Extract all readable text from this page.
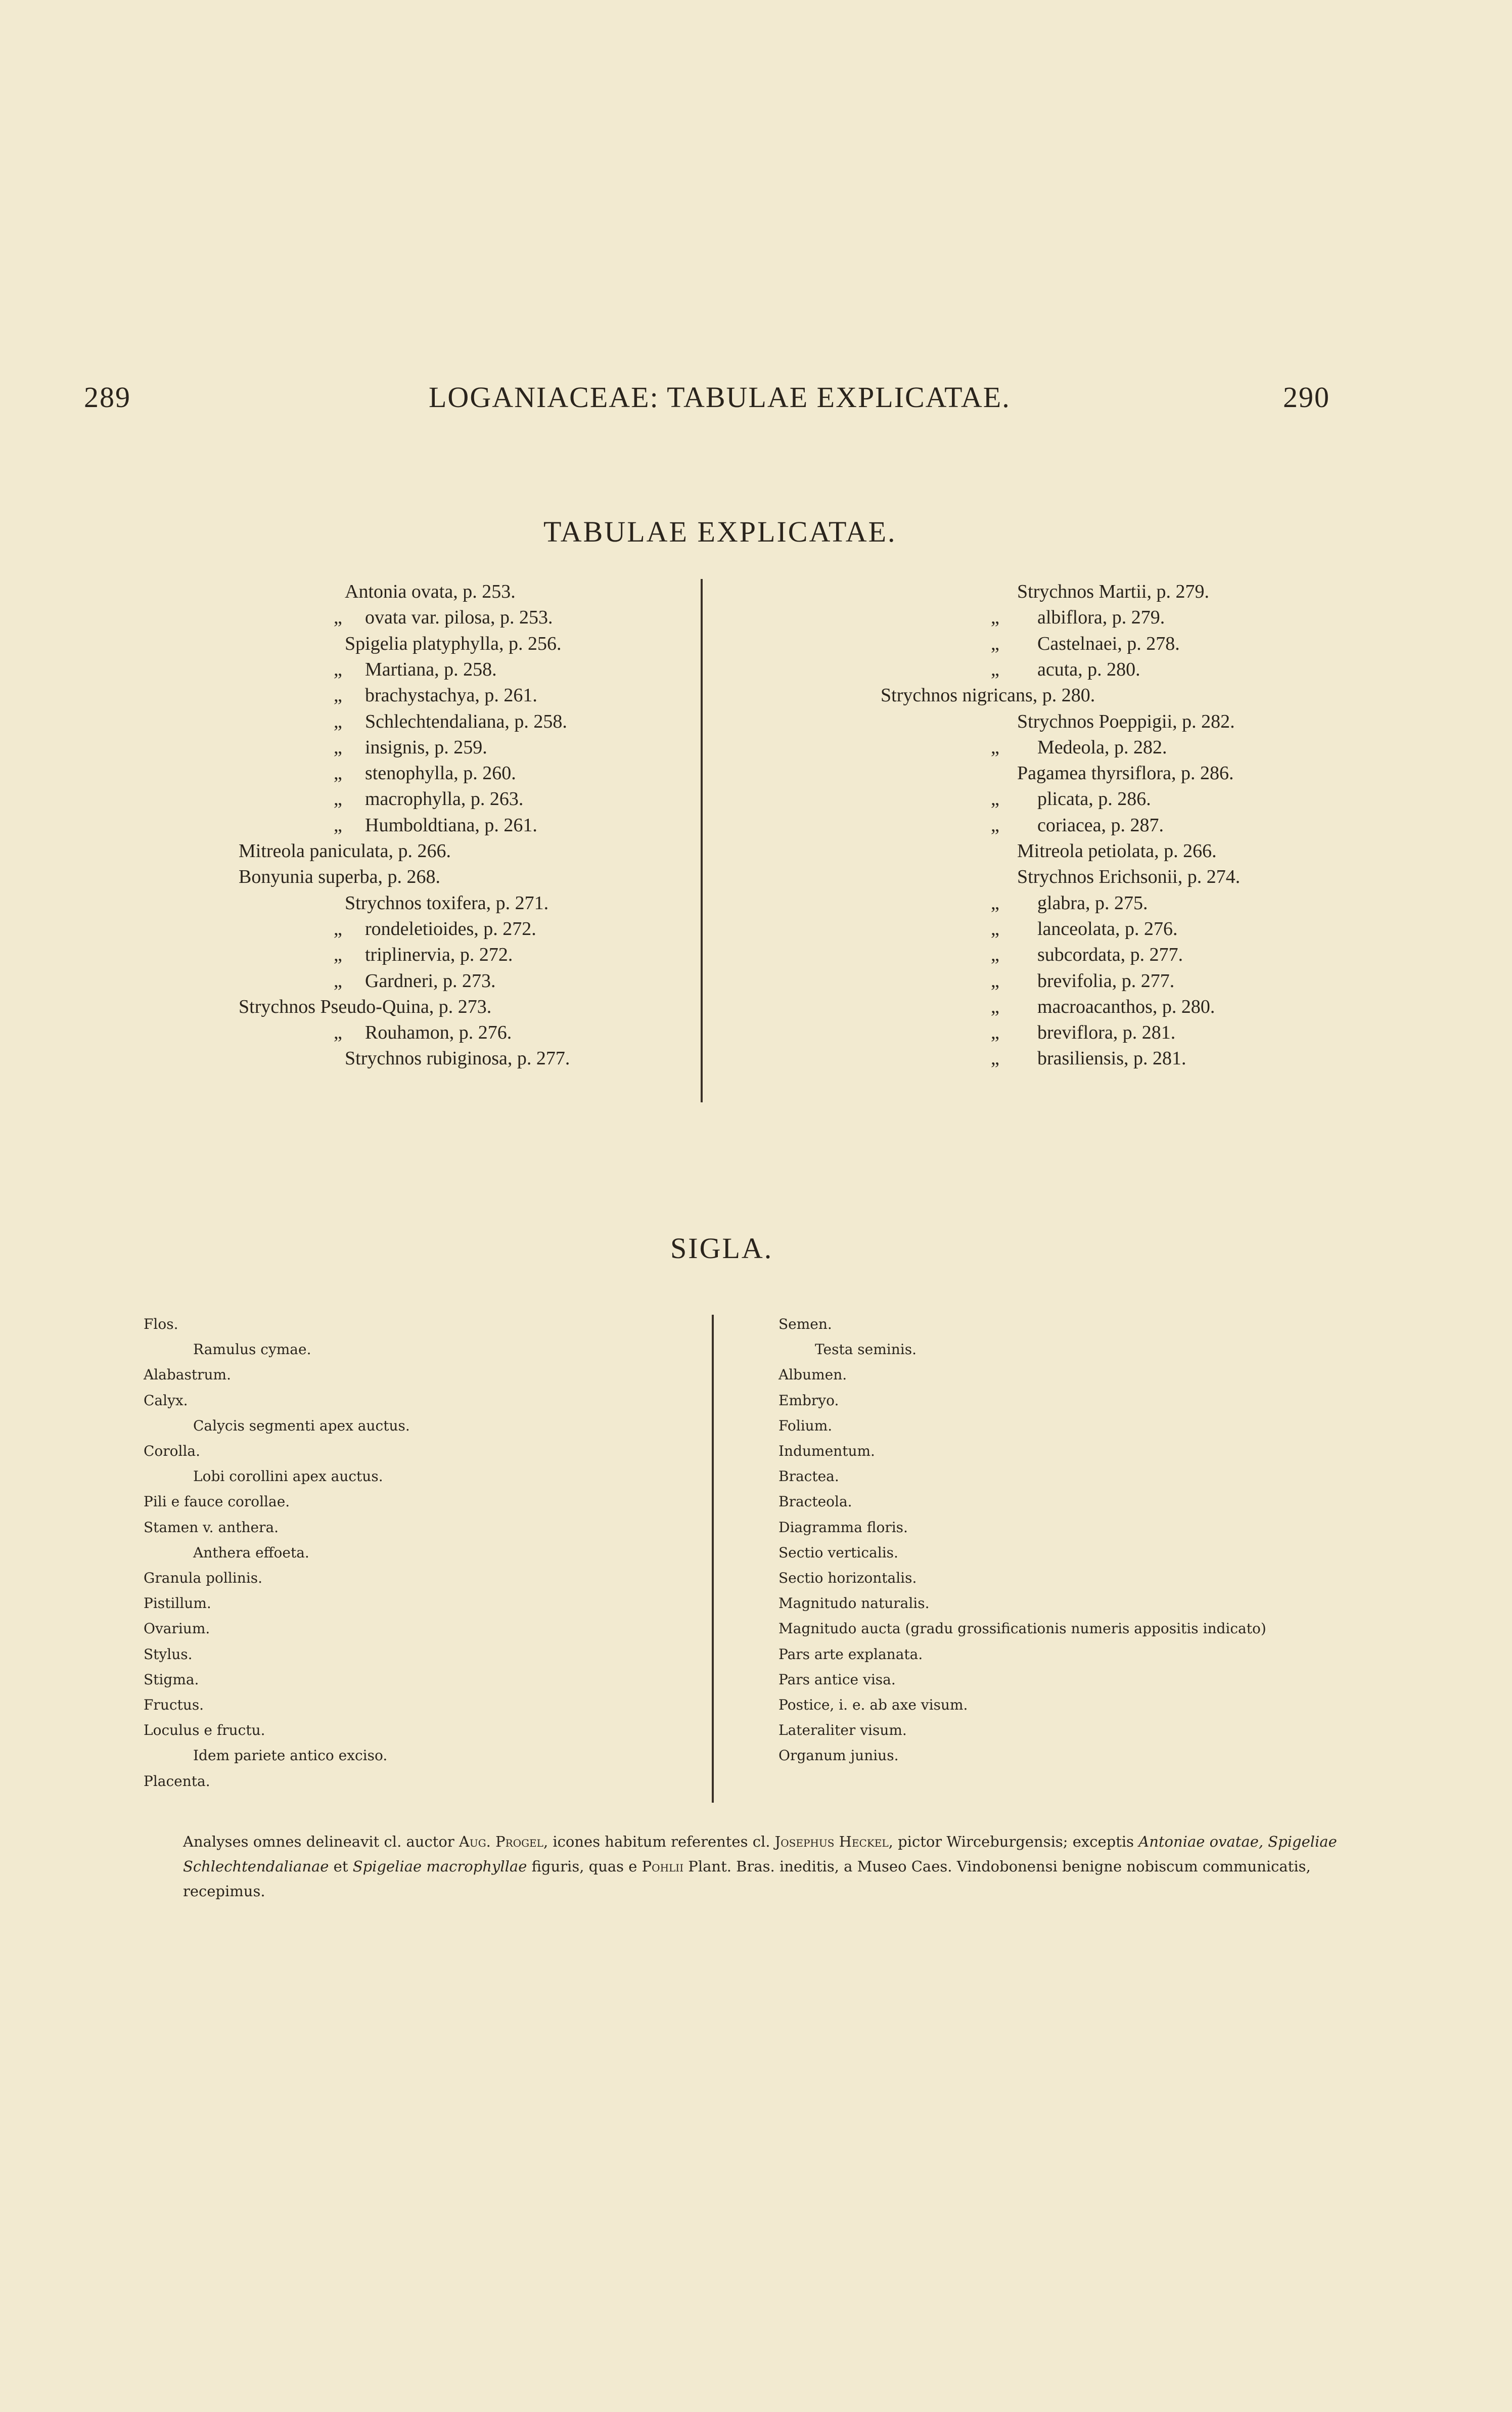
289	LOGANIACEAE: TABULAE EXPLICATAE.	290
TABULAE EXPLICATAE.
Antonia ovata, p. 253.
„ ovata var. pilosa, p. 253.
Spigelia platyphylla, p. 256.
„ Martiana, p. 258.
„ brachystachya, p. 261.
„ Schlechtendaliana, p. 258.
„ insignis, p. 259.
„ stenophylla, p. 260.
„ macrophylla, p. 263.
„ Humboldtiana, p. 261.
Mitreola paniculata, p. 266.
Bonyunia superba, p. 268.
Strychnos toxifera, p. 271.
„ rondeletioides, p. 272.
„ triplinervia, p. 272.
„ Gardneri, p. 273.
Strychnos Pseudo-Quina, p. 273.
„ Rouhamon, p. 276.
Strychnos rubiginosa, p. 277.
Strychnos Martii, p. 279.
„ albiflora, p. 279.
„ Castelnaei, p. 278.
„ acuta, p. 280.
Strychnos nigricans, p. 280.
Strychnos Poeppigii, p. 282.
„ Medeola, p. 282.
Pagamea thyrsiflora, p. 286.
„ plicata, p. 286.
„ coriacea, p. 287.
Mitreola petiolata, p. 266.
Strychnos Erichsonii, p. 274.
„ glabra, p. 275.
„ lanceolata, p. 276.
„ subcordata, p. 277.
„ brevifolia, p. 277.
„ macroacanthos, p. 280.
„ breviflora, p. 281.
„ brasiliensis, p. 281.
SIGLA.
Flos.
Ramulus cymae.
Alabastrum.
Calyx.
Calycis segmenti apex auctus.
Corolla.
Lobi corollini apex auctus.
Pili e fauce corollae.
Stamen v. anthera.
Anthera effoeta.
Granula pollinis.
Pistillum.
Ovarium.
Stylus.
Stigma.
Fructus.
Loculus e fructu.
Idem pariete antico exciso.
Placenta.
Semen.
Testa seminis.
Albumen.
Embryo.
Folium.
Indumentum.
Bractea.
Bracteola.
Diagramma floris.
Sectio verticalis.
Sectio horizontalis.
Magnitudo naturalis.
Magnitudo aucta (gradu grossificationis numeris appositis indicato)
Pars arte explanata.
Pars antice visa.
Postice, i. e. ab axe visum.
Lateraliter visum.
Organum junius.
Analyses omnes delineavit cl. auctor Aug. Progel, icones habitum referentes cl. Josephus Heckel, pictor Wirceburgensis; exceptis Antoniae ovatae, Spigeliae Schlechtendalianae et Spigeliae macrophyllae figuris, quas e Pohlii Plant. Bras. ineditis, a Museo Caes. Vindobonensi benigne nobiscum communicatis, recepimus.
